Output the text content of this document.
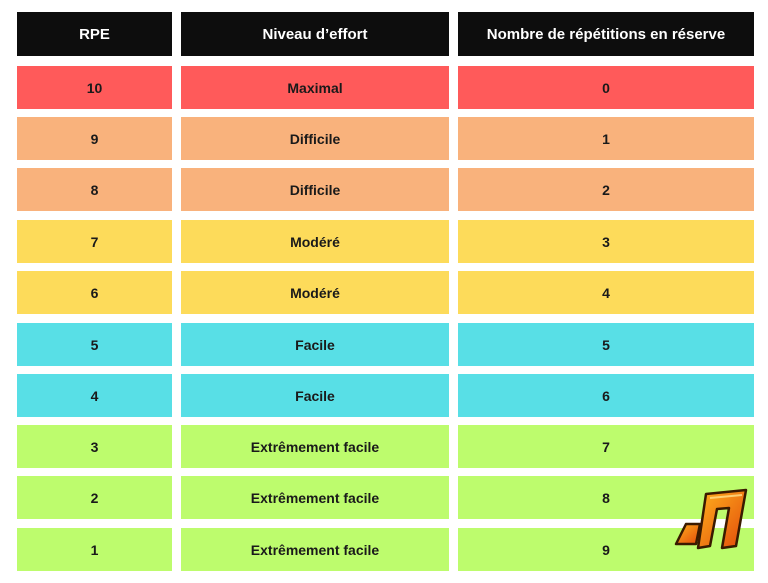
RPE	Niveau d’effort	Nombre de répétitions en réserve
10	Maximal	0
9	Difficile	1
8	Difficile	2
7	Modéré	3
6	Modéré	4
5	Facile	5
4	Facile	6
3	Extrêmement facile	7
2	Extrêmement facile	8
1	Extrêmement facile	9
